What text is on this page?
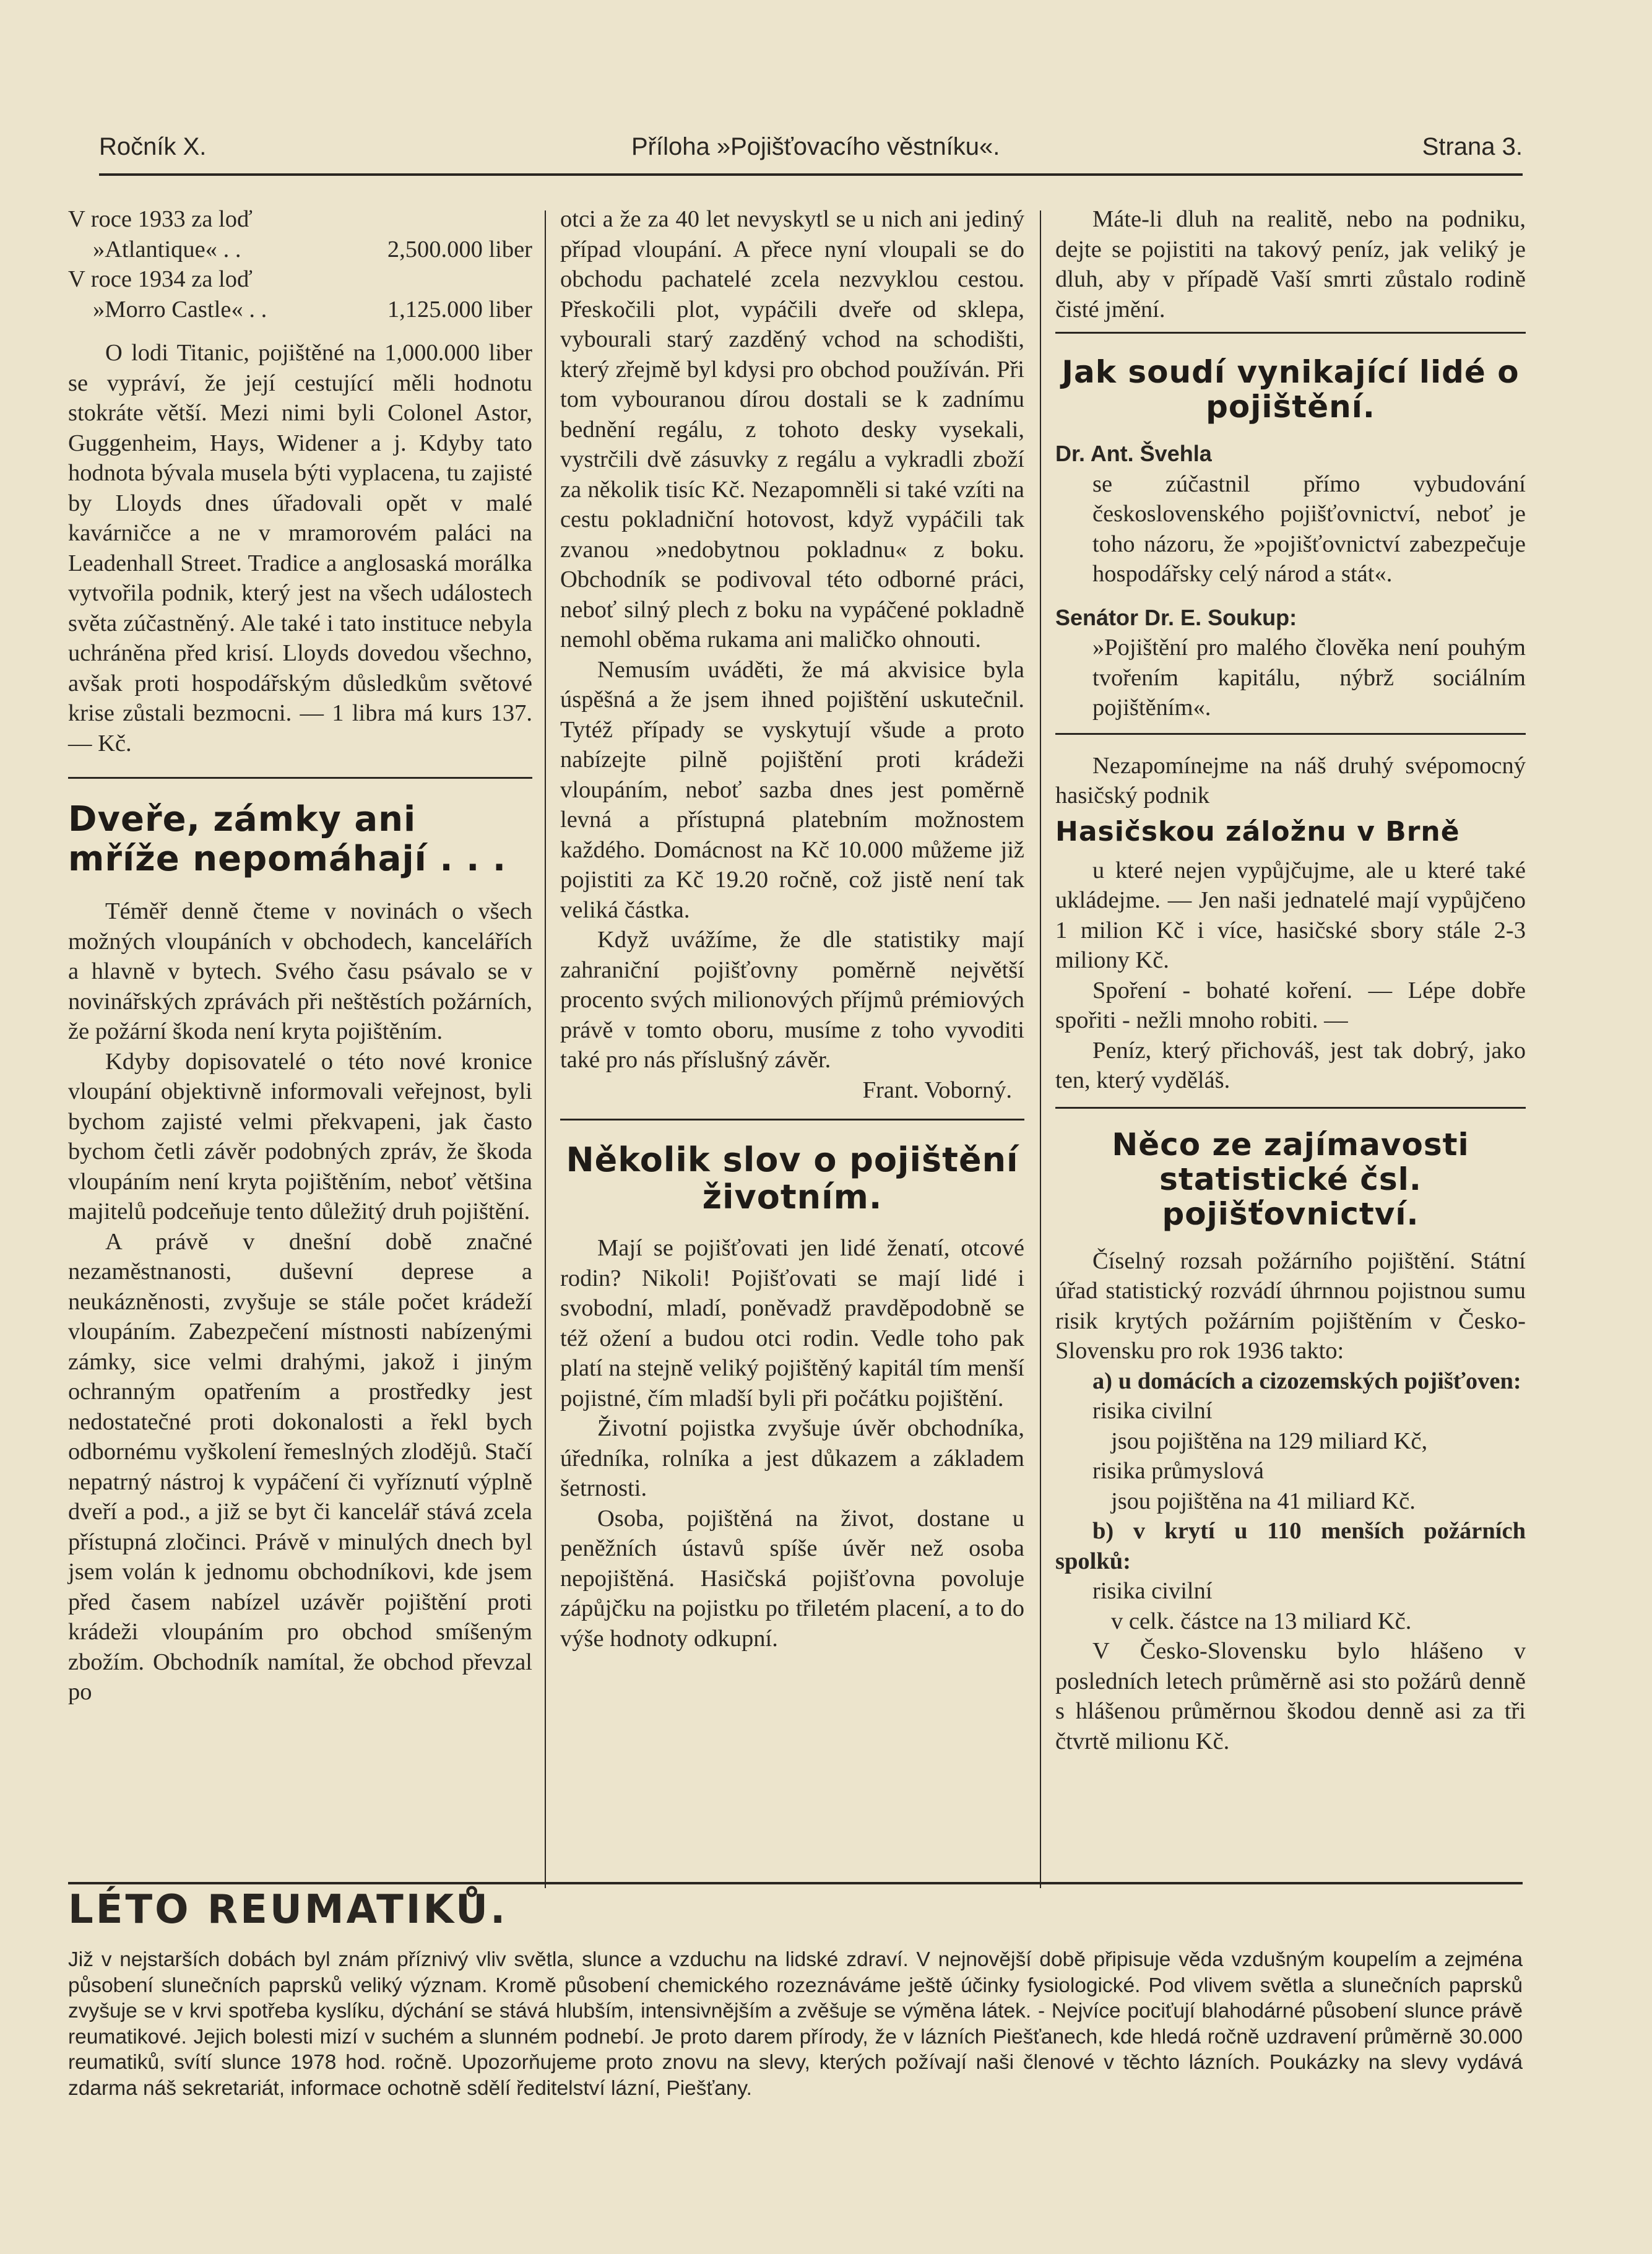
Ročník X.	Příloha »Pojišťovacího věstníku«.	Strana 3.
V roce 1933 za loď
»Atlantique« . .	2,500.000 liber
V roce 1934 za loď
»Morro Castle« . .	1,125.000 liber

O lodi Titanic, pojištěné na 1,000.000 liber se vypráví, že její cestující měli hodnotu stokráte větší. Mezi nimi byli Colonel Astor, Guggenheim, Hays, Widener a j. Kdyby tato hodnota bývala musela býti vyplacena, tu zajisté by Lloyds dnes úřadovali opět v malé kavárničce a ne v mramorovém paláci na Leadenhall Street. Tradice a anglosaská morálka vytvořila podnik, který jest na všech událostech světa zúčastněný. Ale také i tato instituce nebyla uchráněna před krisí. Lloyds dovedou všechno, avšak proti hospodářským důsledkům světové krise zůstali bezmocni. — 1 libra má kurs 137.— Kč.

Dveře, zámky ani mříže nepomáhají . . .

Téměř denně čteme v novinách o všech možných vloupáních v obchodech, kancelářích a hlavně v bytech. Svého času psávalo se v novinářských zprávách při neštěstích požárních, že požární škoda není kryta pojištěním.

Kdyby dopisovatelé o této nové kronice vloupání objektivně informovali veřejnost, byli bychom zajisté velmi překvapeni, jak často bychom četli závěr podobných zpráv, že škoda vloupáním není kryta pojištěním, neboť většina majitelů podceňuje tento důležitý druh pojištění.

A právě v dnešní době značné nezaměstnanosti, duševní deprese a neukázněnosti, zvyšuje se stále počet krádeží vloupáním. Zabezpečení místnosti nabízenými zámky, sice velmi drahými, jakož i jiným ochranným opatřením a prostředky jest nedostatečné proti dokonalosti a řekl bych odbornému vyškolení řemeslných zlodějů. Stačí nepatrný nástroj k vypáčení či vyříznutí výplně dveří a pod., a již se byt či kancelář stává zcela přístupná zločinci. Právě v minulých dnech byl jsem volán k jednomu obchodníkovi, kde jsem před časem nabízel uzávěr pojištění proti krádeži vloupáním pro obchod smíšeným zbožím. Obchodník namítal, že obchod převzal po

otci a že za 40 let nevyskytl se u nich ani jediný případ vloupání. A přece nyní vloupali se do obchodu pachatelé zcela nezvyklou cestou. Přeskočili plot, vypáčili dveře od sklepa, vybourali starý zazděný vchod na schodišti, který zřejmě byl kdysi pro obchod používán. Při tom vybouranou dírou dostali se k zadnímu bednění regálu, z tohoto desky vysekali, vystrčili dvě zásuvky z regálu a vykradli zboží za několik tisíc Kč. Nezapomněli si také vzíti na cestu pokladniční hotovost, když vypáčili tak zvanou »nedobytnou pokladnu« z boku. Obchodník se podivoval této odborné práci, neboť silný plech z boku na vypáčené pokladně nemohl oběma rukama ani maličko ohnouti.

Nemusím uváděti, že má akvisice byla úspěšná a že jsem ihned pojištění uskutečnil. Tytéž případy se vyskytují všude a proto nabízejte pilně pojištění proti krádeži vloupáním, neboť sazba dnes jest poměrně levná a přístupná platebním možnostem každého. Domácnost na Kč 10.000 můžeme již pojistiti za Kč 19.20 ročně, což jistě není tak veliká částka.

Když uvážíme, že dle statistiky mají zahraniční pojišťovny poměrně největší procento svých milionových příjmů prémiových právě v tomto oboru, musíme z toho vyvoditi také pro nás příslušný závěr.

Frant. Voborný.

Několik slov o pojištění životním.

Mají se pojišťovati jen lidé ženatí, otcové rodin? Nikoli! Pojišťovati se mají lidé i svobodní, mladí, poněvadž pravděpodobně se též ožení a budou otci rodin. Vedle toho pak platí na stejně veliký pojištěný kapitál tím menší pojistné, čím mladší byli při počátku pojištění.

Životní pojistka zvyšuje úvěr obchodníka, úředníka, rolníka a jest důkazem a základem šetrnosti.

Osoba, pojištěná na život, dostane u peněžních ústavů spíše úvěr než osoba nepojištěná. Hasičská pojišťovna povoluje zápůjčku na pojistku po třiletém placení, a to do výše hodnoty odkupní.

Máte-li dluh na realitě, nebo na podniku, dejte se pojistiti na takový peníz, jak veliký je dluh, aby v případě Vaší smrti zůstalo rodině čisté jmění.

Jak soudí vynikající lidé o pojištění.

Dr. Ant. Švehla

se zúčastnil přímo vybudování československého pojišťovnictví, neboť je toho názoru, že »pojišťovnictví zabezpečuje hospodářsky celý národ a stát«.

Senátor Dr. E. Soukup:

»Pojištění pro malého člověka není pouhým tvořením kapitálu, nýbrž sociálním pojištěním«.

Nezapomínejme na náš druhý svépomocný hasičský podnik

Hasičskou záložnu v Brně

u které nejen vypůjčujme, ale u které také ukládejme. — Jen naši jednatelé mají vypůjčeno 1 milion Kč i více, hasičské sbory stále 2-3 miliony Kč.

Spoření - bohaté koření. — Lépe dobře spořiti - nežli mnoho robiti. —

Peníz, který přichováš, jest tak dobrý, jako ten, který vyděláš.

Něco ze zajímavosti statistické čsl. pojišťovnictví.

Číselný rozsah požárního pojištění. Státní úřad statistický rozvádí úhrnnou pojistnou sumu risik krytých požárním pojištěním v Česko-Slovensku pro rok 1936 takto:

a) u domácích a cizozemských pojišťoven:

risika civilní

jsou pojištěna na 129 miliard Kč,

risika průmyslová

jsou pojištěna na 41 miliard Kč.

b) v krytí u 110 menších požárních spolků:

risika civilní

v celk. částce na 13 miliard Kč.

V Česko-Slovensku bylo hlášeno v posledních letech průměrně asi sto požárů denně s hlášenou průměrnou škodou denně asi za tři čtvrtě milionu Kč.

LÉTO REUMATIKŮ.

Již v nejstarších dobách byl znám příznivý vliv světla, slunce a vzduchu na lidské zdraví. V nejnovější době připisuje věda vzdušným koupelím a zejména působení slunečních paprsků veliký význam. Kromě působení chemického rozeznáváme ještě účinky fysiologické. Pod vlivem světla a slunečních paprsků zvyšuje se v krvi spotřeba kyslíku, dýchání se stává hlubším, intensivnějším a zvěšuje se výměna látek. - Nejvíce pociťují blahodárné působení slunce právě reumatikové. Jejich bolesti mizí v suchém a slunném podnebí. Je proto darem přírody, že v lázních Piešťanech, kde hledá ročně uzdravení průměrně 30.000 reumatiků, svítí slunce 1978 hod. ročně. Upozorňujeme proto znovu na slevy, kterých požívají naši členové v těchto lázních. Poukázky na slevy vydává zdarma náš sekretariát, informace ochotně sdělí ředitelství lázní, Piešťany.
